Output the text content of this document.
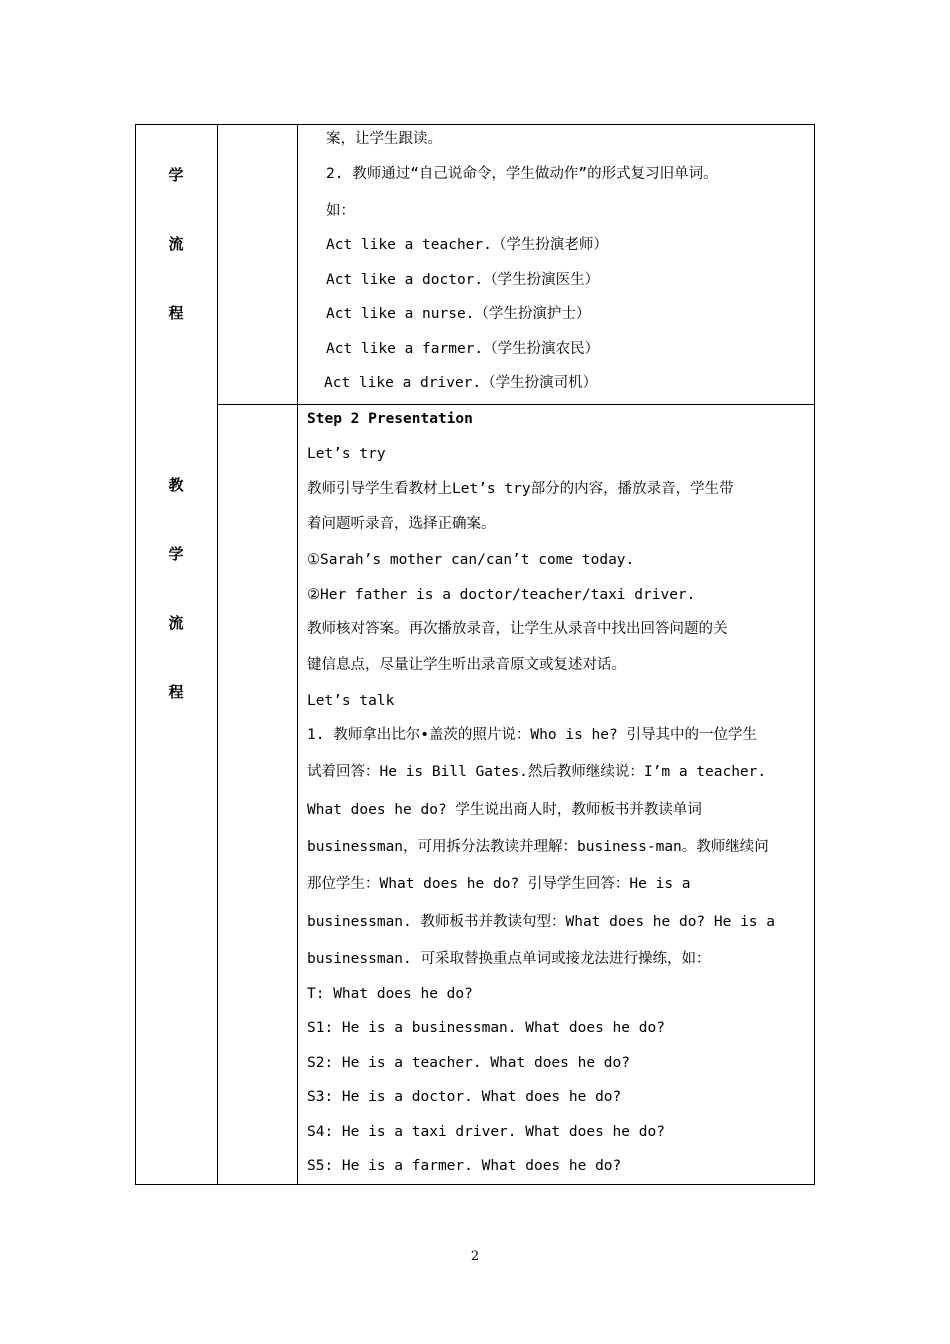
学
流
程
教
学
流
程
案，让学生跟读。
2. 教师通过“自己说命令，学生做动作”的形式复习旧单词。
如：
Act like a teacher.（学生扮演老师）
Act like a doctor.（学生扮演医生）
Act like a nurse.（学生扮演护士）
Act like a farmer.（学生扮演农民）
Act like a driver.（学生扮演司机）
Step 2 Presentation
Let’s try
教师引导学生看教材上Let’s try部分的内容，播放录音，学生带
着问题听录音，选择正确案。
①Sarah’s mother can/can’t come today.
②Her father is a doctor/teacher/taxi driver.
教师核对答案。再次播放录音，让学生从录音中找出回答问题的关
键信息点，尽量让学生听出录音原文或复述对话。
Let’s talk
1. 教师拿出比尔•盖茨的照片说：Who is he? 引导其中的一位学生
试着回答：He is Bill Gates.然后教师继续说：I’m a teacher.
What does he do? 学生说出商人时，教师板书并教读单词
businessman，可用拆分法教读并理解：business-man。教师继续问
那位学生：What does he do? 引导学生回答：He is a
businessman. 教师板书并教读句型：What does he do? He is a
businessman. 可采取替换重点单词或接龙法进行操练，如：
T: What does he do?
S1: He is a businessman. What does he do?
S2: He is a teacher. What does he do?
S3: He is a doctor. What does he do?
S4: He is a taxi driver. What does he do?
S5: He is a farmer. What does he do?
2
